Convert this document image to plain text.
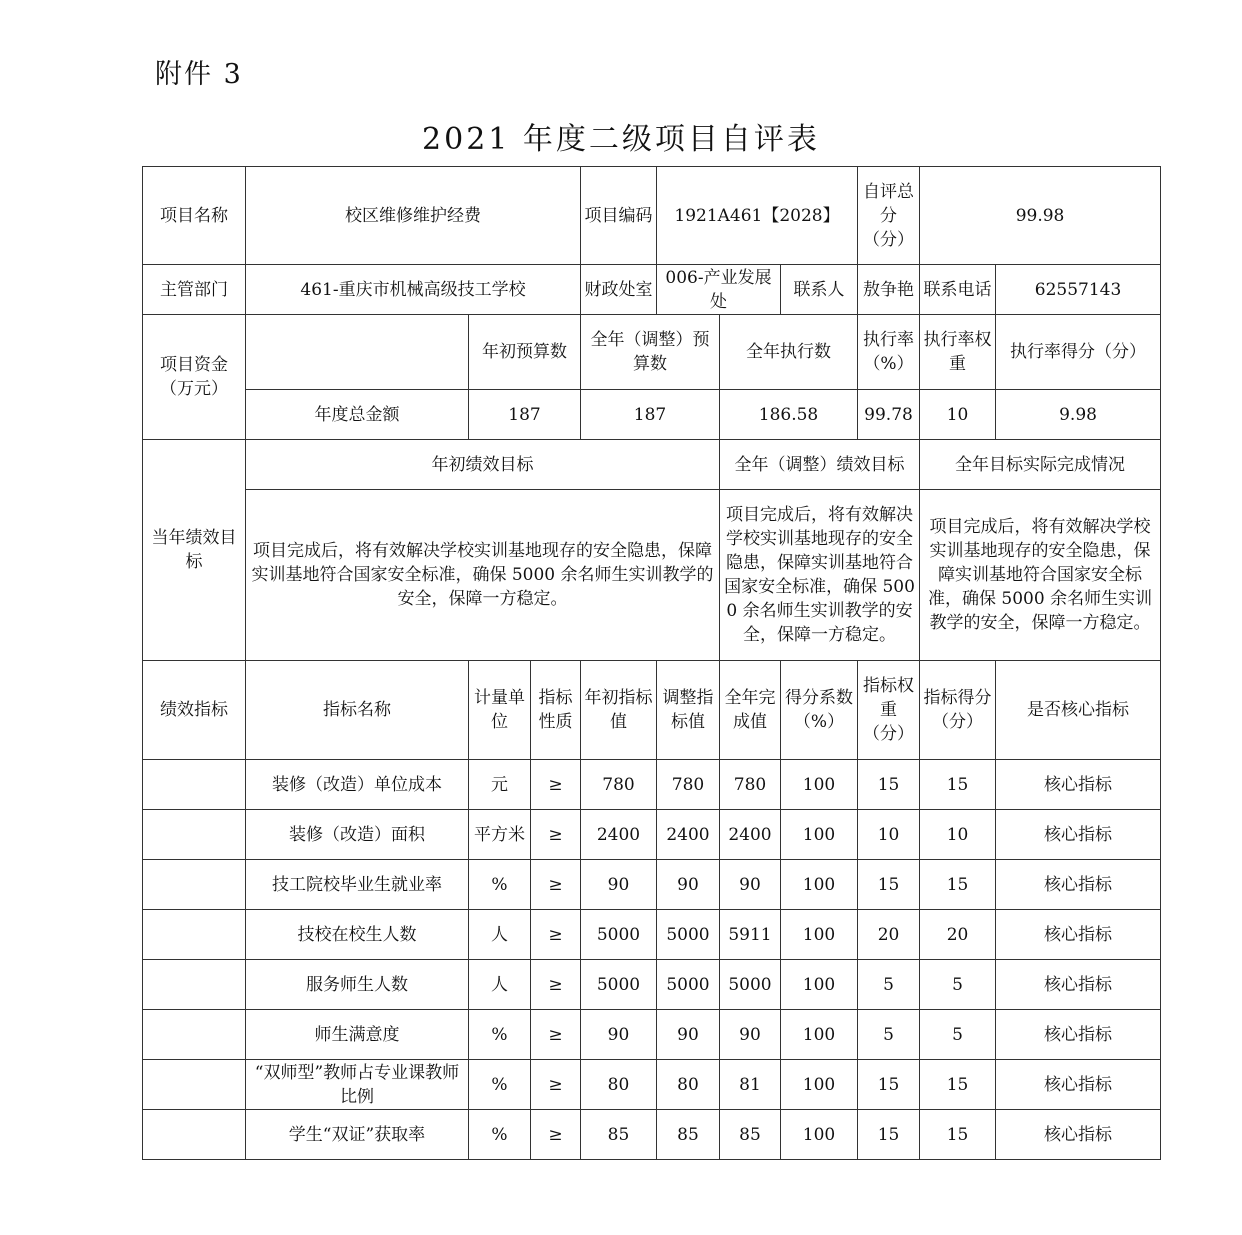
附件 3
2021 年度二级项目自评表
项目名称	校区维修维护经费			项目编码	1921A461【2028】			自评总分（分）	99.98	
主管部门	461-重庆市机械高级技工学校			财政处室	006-产业发展处		联系人	敖争艳	联系电话	62557143
项目资金（万元）		年初预算数		全年（调整）预算数		全年执行数		执行率（%）	执行率权重	执行率得分（分）
	年度总金额	187		187		186.58		99.78	10	9.98
当年绩效目标	年初绩效目标					全年（调整）绩效目标			全年目标实际完成情况	
	项目完成后，将有效解决学校实训基地现存的安全隐患，保障实训基地符合国家安全标准，确保 5000 余名师生实训教学的安全，保障一方稳定。					项目完成后，将有效解决学校实训基地现存的安全隐患，保障实训基地符合国家安全标准，确保 5000 余名师生实训教学的安全，保障一方稳定。			项目完成后，将有效解决学校实训基地现存的安全隐患，保障实训基地符合国家安全标准，确保 5000 余名师生实训教学的安全，保障一方稳定。	
绩效指标	指标名称	计量单位	指标性质	年初指标值	调整指标值	全年完成值	得分系数（%）	指标权重（分）	指标得分（分）	是否核心指标
	装修（改造）单位成本	元	≥	780	780	780	100	15	15	核心指标
	装修（改造）面积	平方米	≥	2400	2400	2400	100	10	10	核心指标
	技工院校毕业生就业率	%	≥	90	90	90	100	15	15	核心指标
	技校在校生人数	人	≥	5000	5000	5911	100	20	20	核心指标
	服务师生人数	人	≥	5000	5000	5000	100	5	5	核心指标
	师生满意度	%	≥	90	90	90	100	5	5	核心指标
	“双师型”教师占专业课教师比例	%	≥	80	80	81	100	15	15	核心指标
	学生“双证”获取率	%	≥	85	85	85	100	15	15	核心指标
